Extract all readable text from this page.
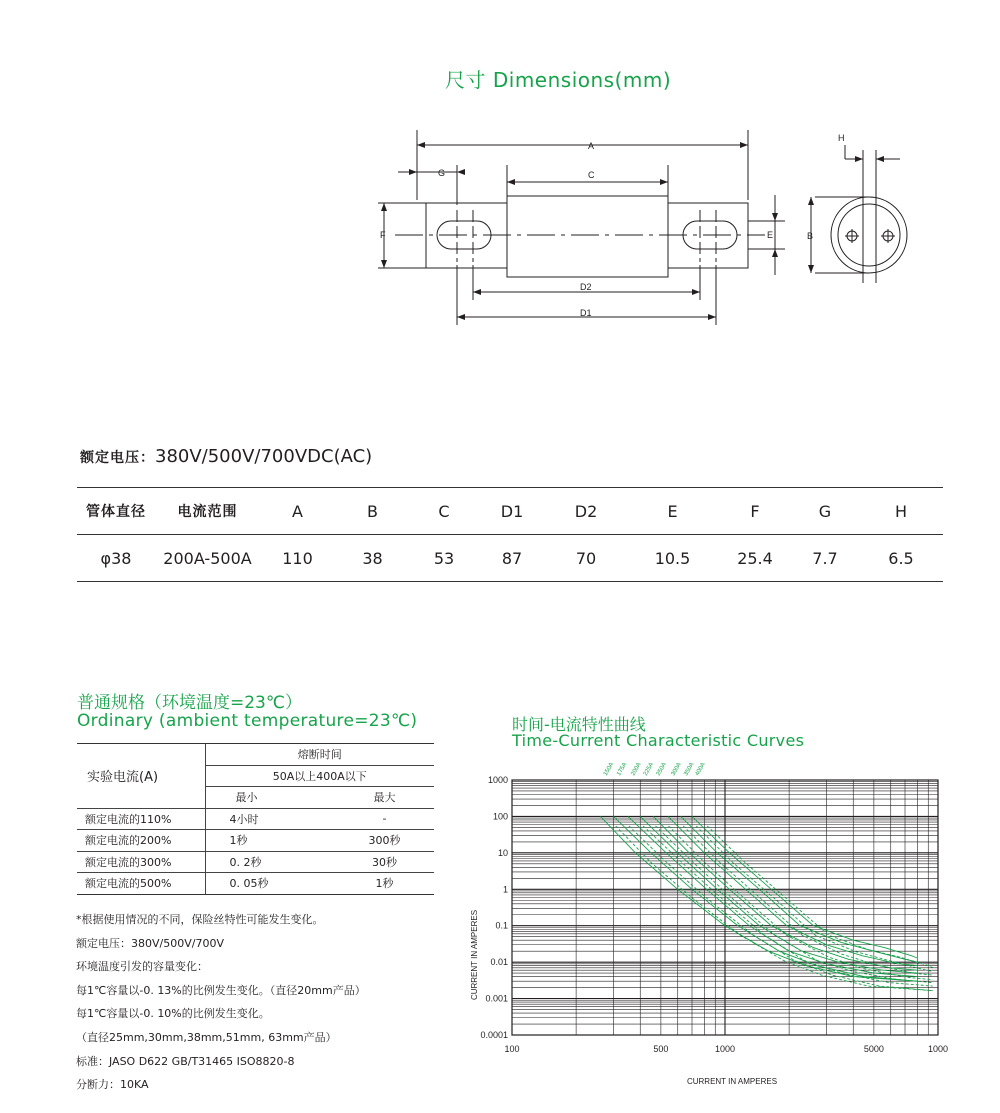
尺寸 Dimensions(mm)
A
C
G
F	E
D2
D1
H
B
额定电压：380V/500V/700VDC(AC)
管体直径	电流范围	A	B	C	D1	D2	E	F	G	H
φ38	200A-500A	110	38	53	87	70	10.5	25.4	7.7	6.5
普通规格（环境温度=23℃）
Ordinary (ambient temperature=23℃)
实验电流(A)	熔断时间	
	50A以上400A以下	
	最小	最大
额定电流的110%	4小时	-
额定电流的200%	1秒	300秒
额定电流的300%	0. 2秒	30秒
额定电流的500%	0. 05秒	1秒
*根据使用情况的不同，保险丝特性可能发生变化。
额定电压：380V/500V/700V
环境温度引发的容量变化：
每1℃容量以-0. 13%的比例发生变化。（直径20mm产品）
每1℃容量以-0. 10%的比例发生变化。
（直径25mm,30mm,38mm,51mm, 63mm产品）
标准：JASO D622 GB/T31465 ISO8820-8
分断力：10KA
时间-电流特性曲线
Time-Current Characteristic Curves
100	500	1000	5000	1000
1000
100
10
1
0.1
0.01
0.001
0.0001
150A 175A 200A 225A 250A 300A 350A 400A
CURRENT IN AMPERES
CURRENT IN AMPERES
